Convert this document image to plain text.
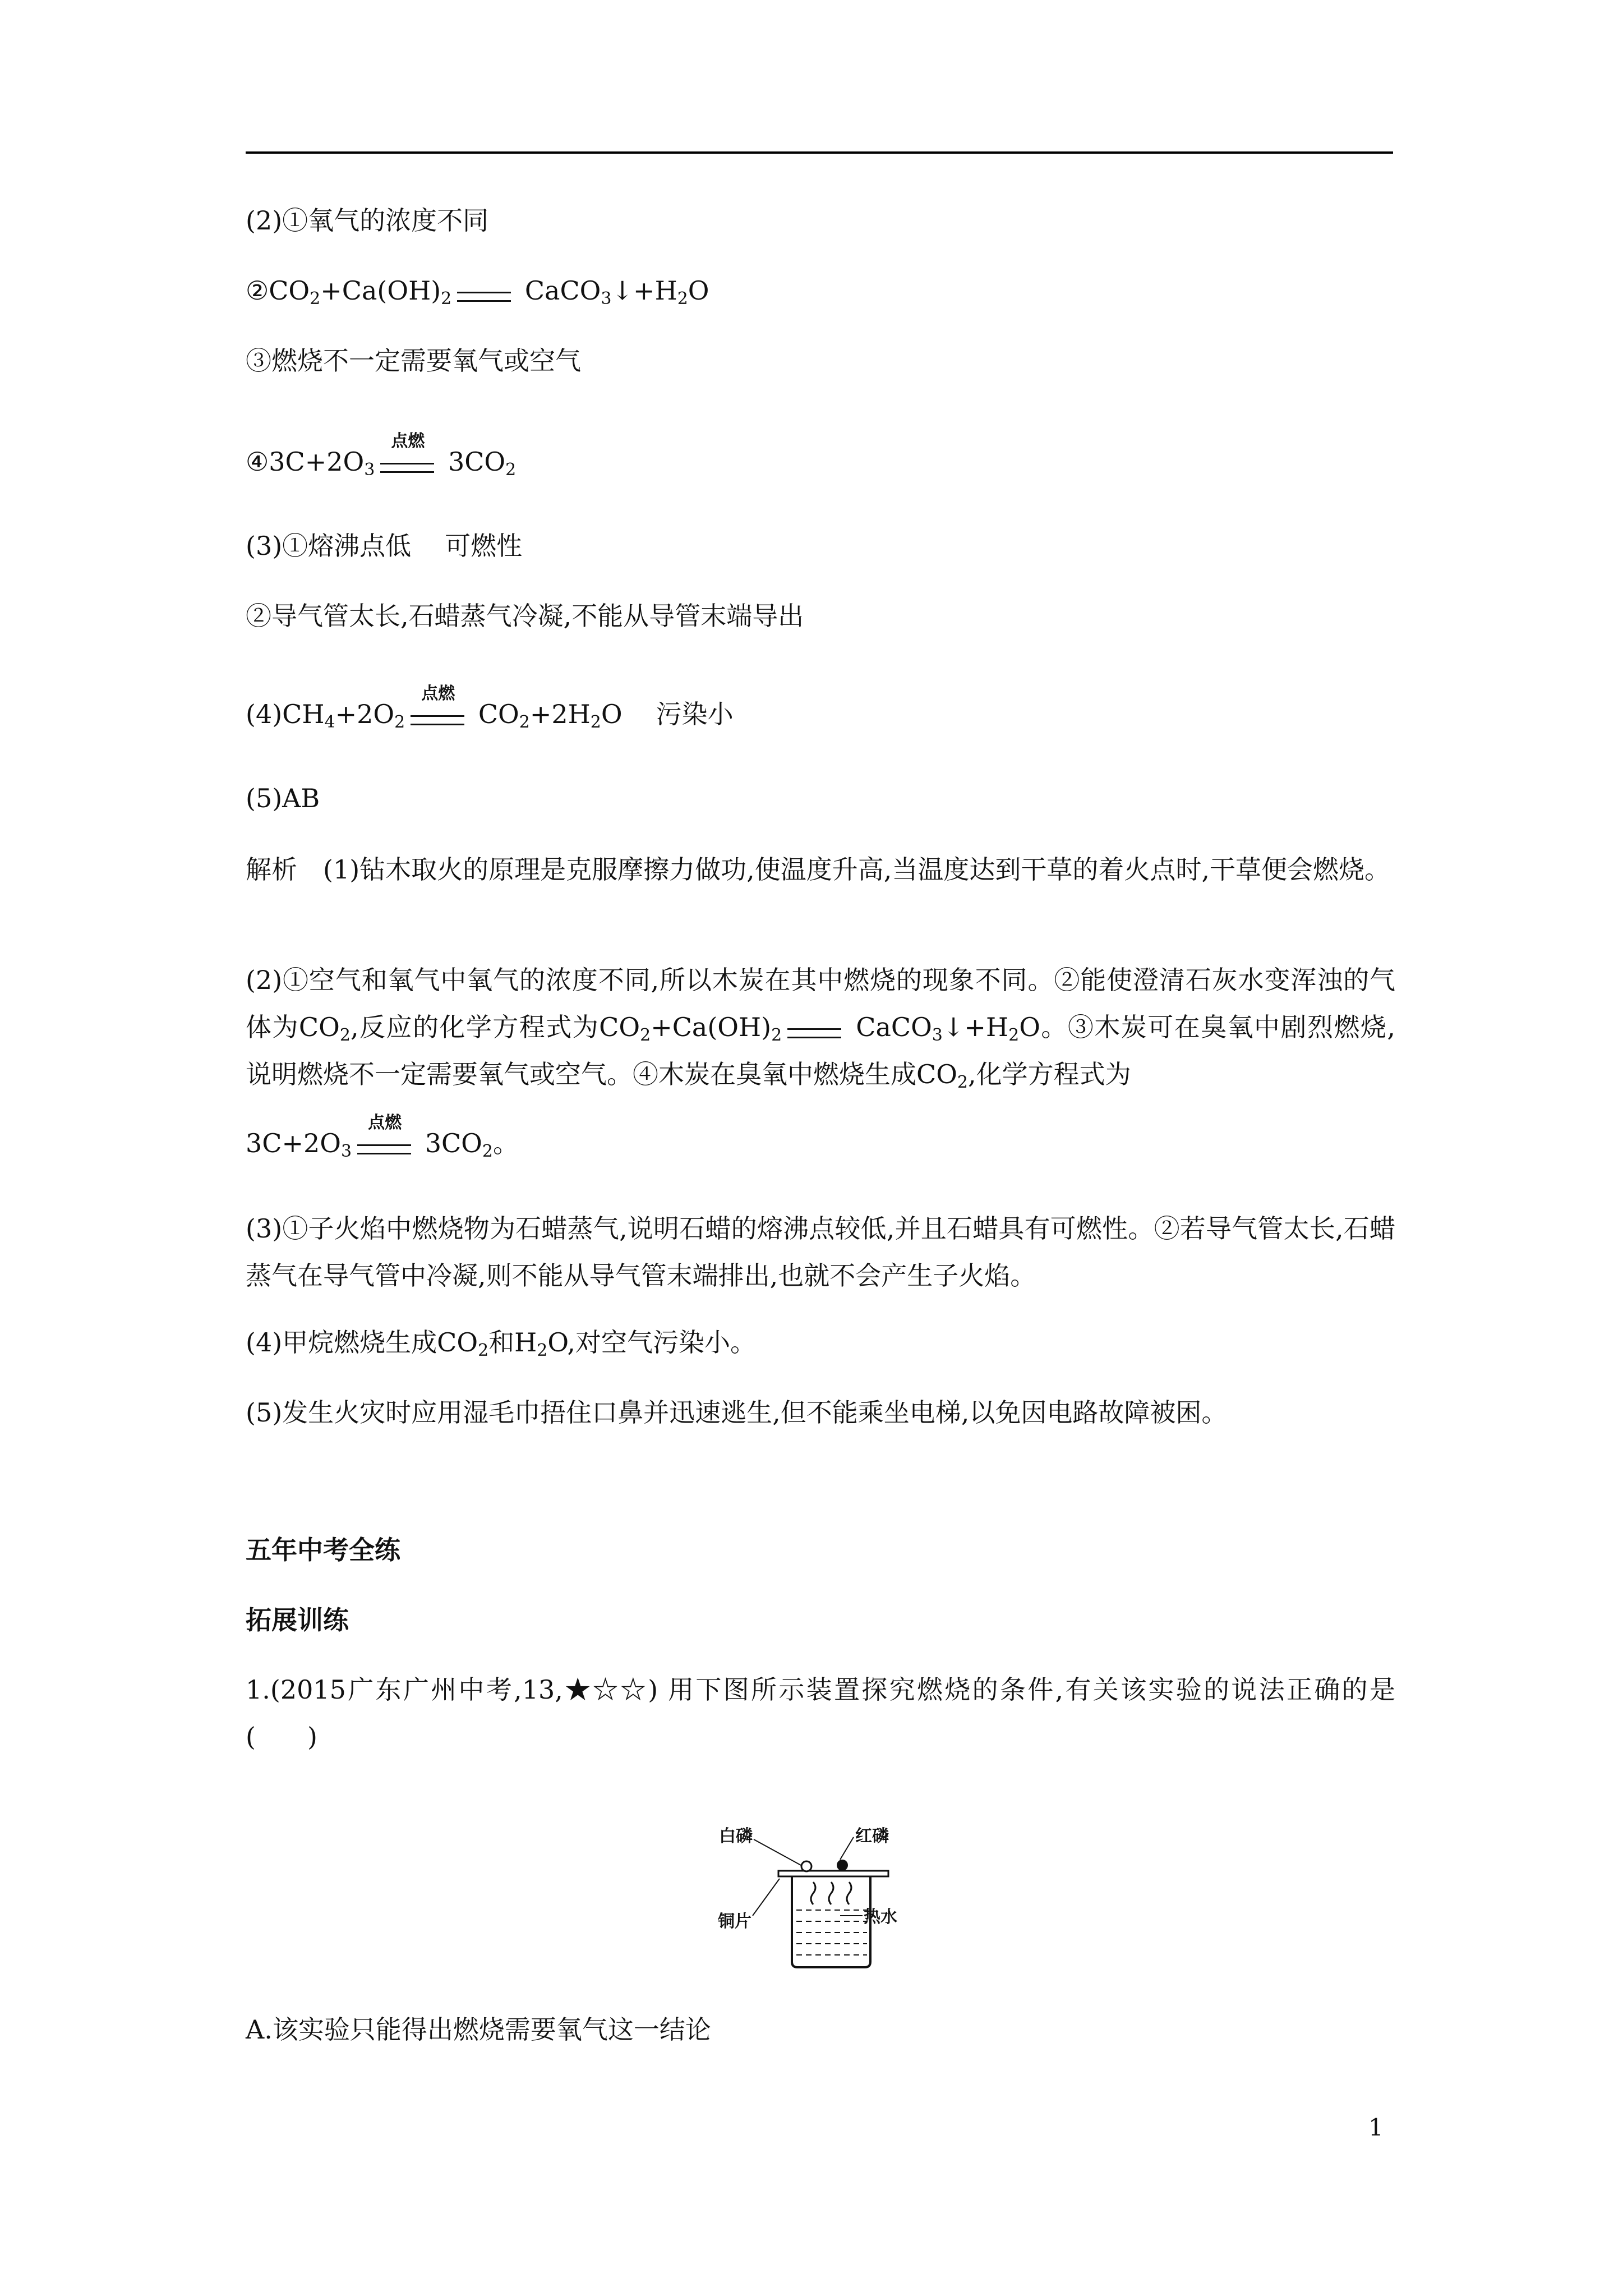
(2)①氧气的浓度不同
$②CO_2+Ca(OH)_2$	$CaCO_3↓+H_2O$
③燃烧不一定需要氧气或空气
$④3C+2O_3$
点燃
$3CO_2$
(3)①熔沸点低 可燃性
②导气管太长,石蜡蒸气冷凝,不能从导管末端导出
$(4)CH_4+2O_2$
点燃
$CO_2+2H_2O$ 污染小
(5)AB
解析　(1)钻木取火的原理是克服摩擦力做功,使温度升高,当温度达到干草的着火点时,干草便会燃烧。
(2)①空气和氧气中氧气的浓度不同,所以木炭在其中燃烧的现象不同。②能使澄清石灰水变浑浊的气体为$CO_2$,反应的化学方程式为$CO_2+Ca(OH)_2$	$CaCO_3↓+H_2O$。③木炭可在臭氧中剧烈燃烧,说明燃烧不一定需要氧气或空气。④木炭在臭氧中燃烧生成$CO_2$,化学方程式为
$3C+2O_3$
点燃
$3CO_2$。
(3)①子火焰中燃烧物为石蜡蒸气,说明石蜡的熔沸点较低,并且石蜡具有可燃性。②若导气管太长,石蜡蒸气在导气管中冷凝,则不能从导气管末端排出,也就不会产生子火焰。
(4)甲烷燃烧生成$CO_2$和$H_2O$,对空气污染小。
(5)发生火灾时应用湿毛巾捂住口鼻并迅速逃生,但不能乘坐电梯,以免因电路故障被困。
五年中考全练
拓展训练
1.(2015广东广州中考,13,★☆☆) 用下图所示装置探究燃烧的条件,有关该实验的说法正确的是(　　)
白磷	红磷
铜片	热水
A.该实验只能得出燃烧需要氧气这一结论
1
